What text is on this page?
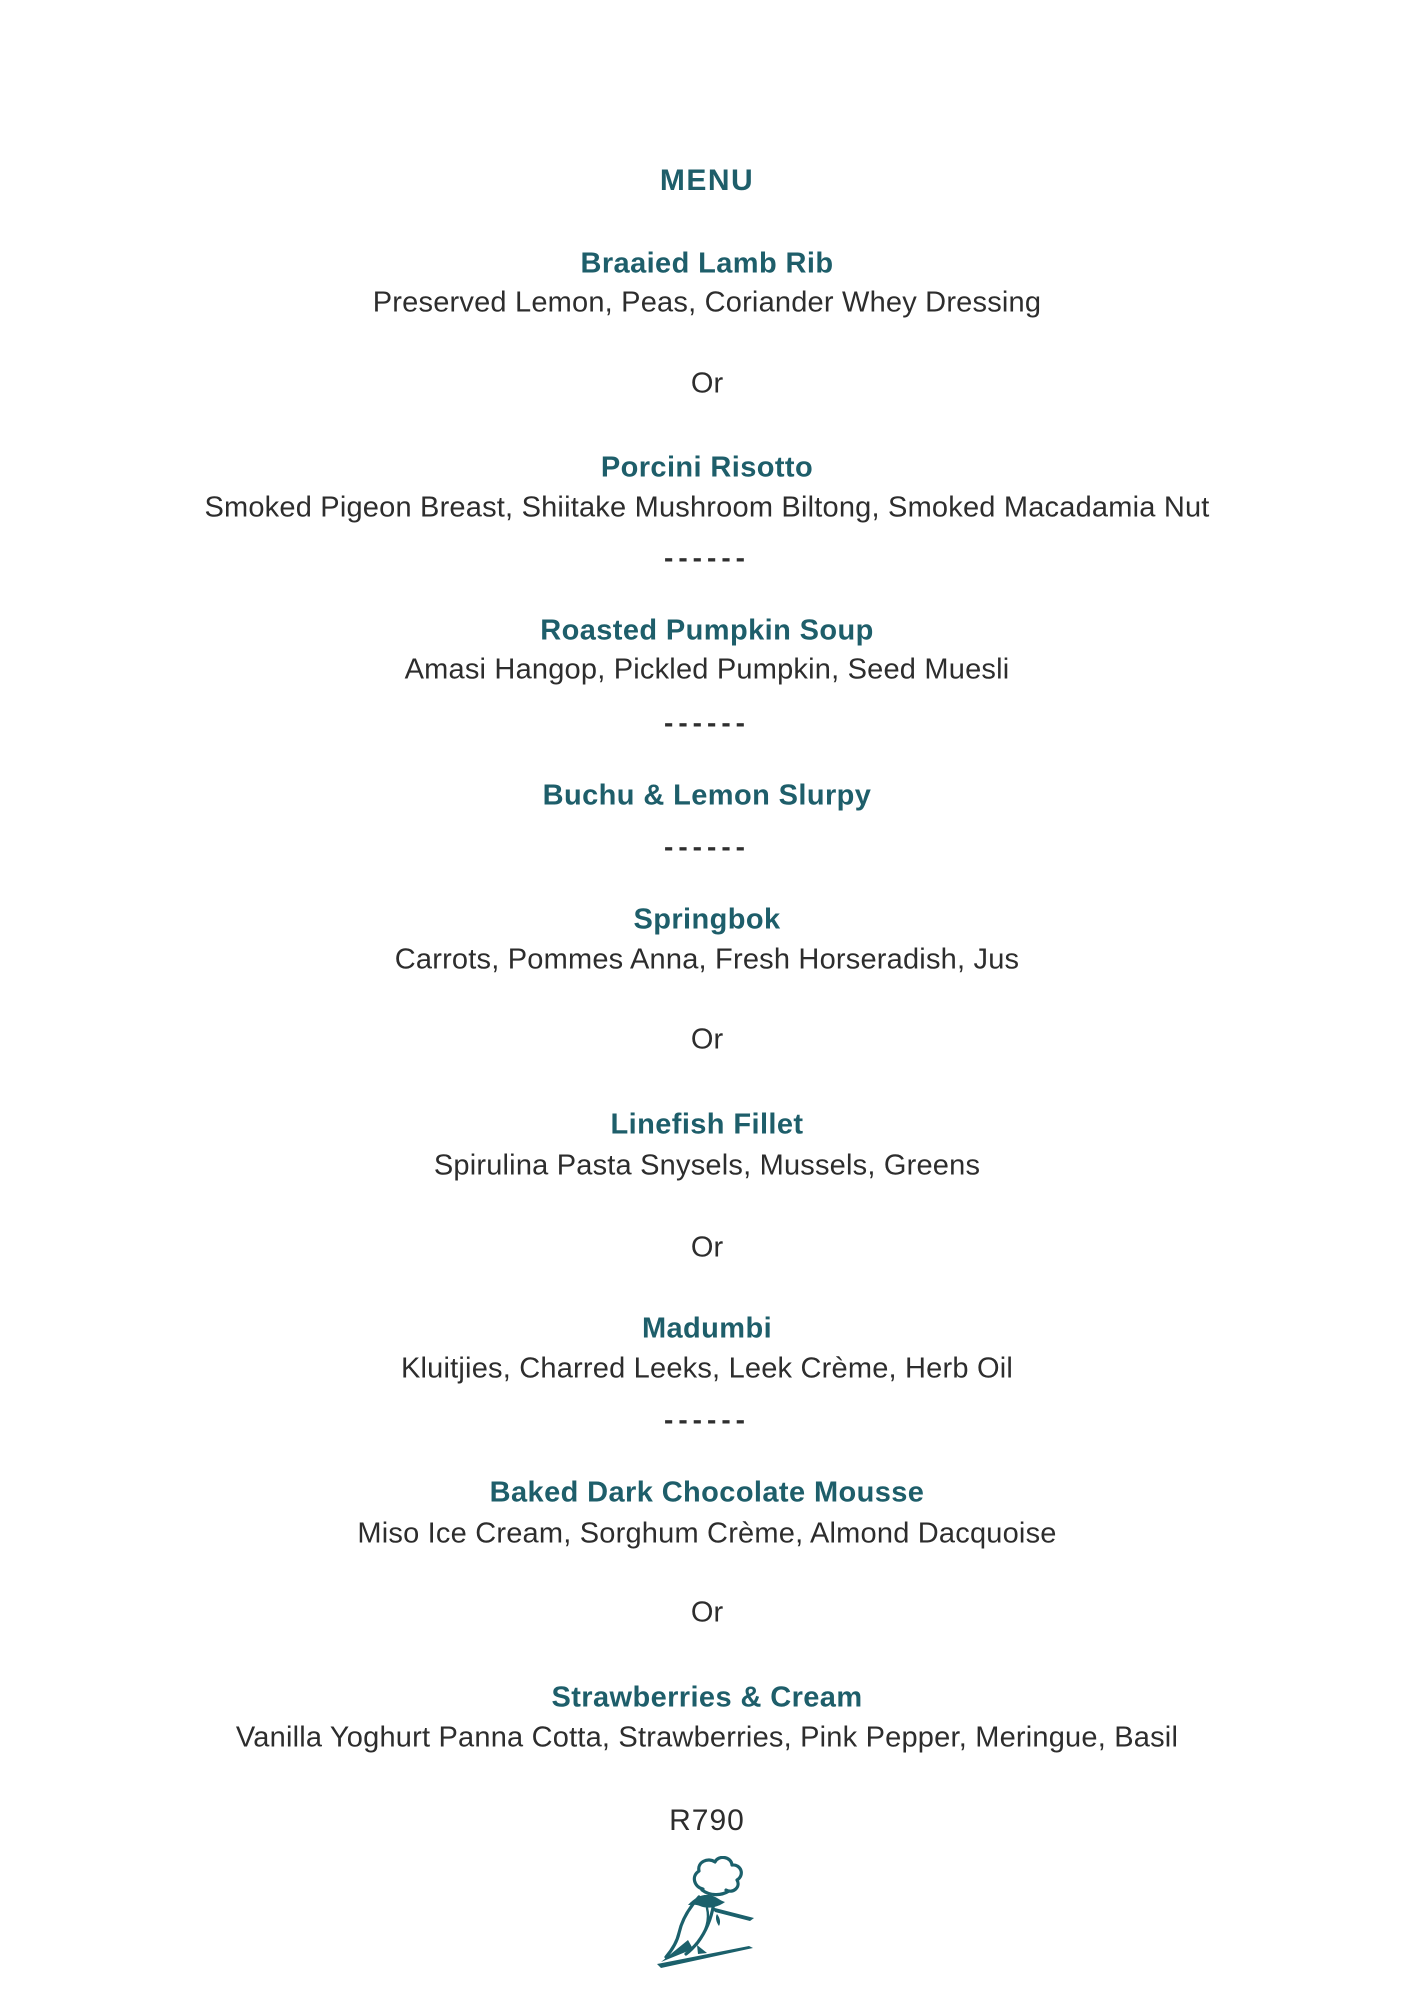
MENU
Braaied Lamb Rib

Preserved Lemon, Peas, Coriander Whey Dressing

Or

Porcini Risotto

Smoked Pigeon Breast, Shiitake Mushroom Biltong, Smoked Macadamia Nut

------

Roasted Pumpkin Soup

Amasi Hangop, Pickled Pumpkin, Seed Muesli

------

Buchu & Lemon Slurpy

------

Springbok

Carrots, Pommes Anna, Fresh Horseradish, Jus

Or

Linefish Fillet

Spirulina Pasta Snysels, Mussels, Greens

Or

Madumbi

Kluitjies, Charred Leeks, Leek Crème, Herb Oil

------

Baked Dark Chocolate Mousse

Miso Ice Cream, Sorghum Crème, Almond Dacquoise

Or

Strawberries & Cream

Vanilla Yoghurt Panna Cotta, Strawberries, Pink Pepper, Meringue, Basil

R790
